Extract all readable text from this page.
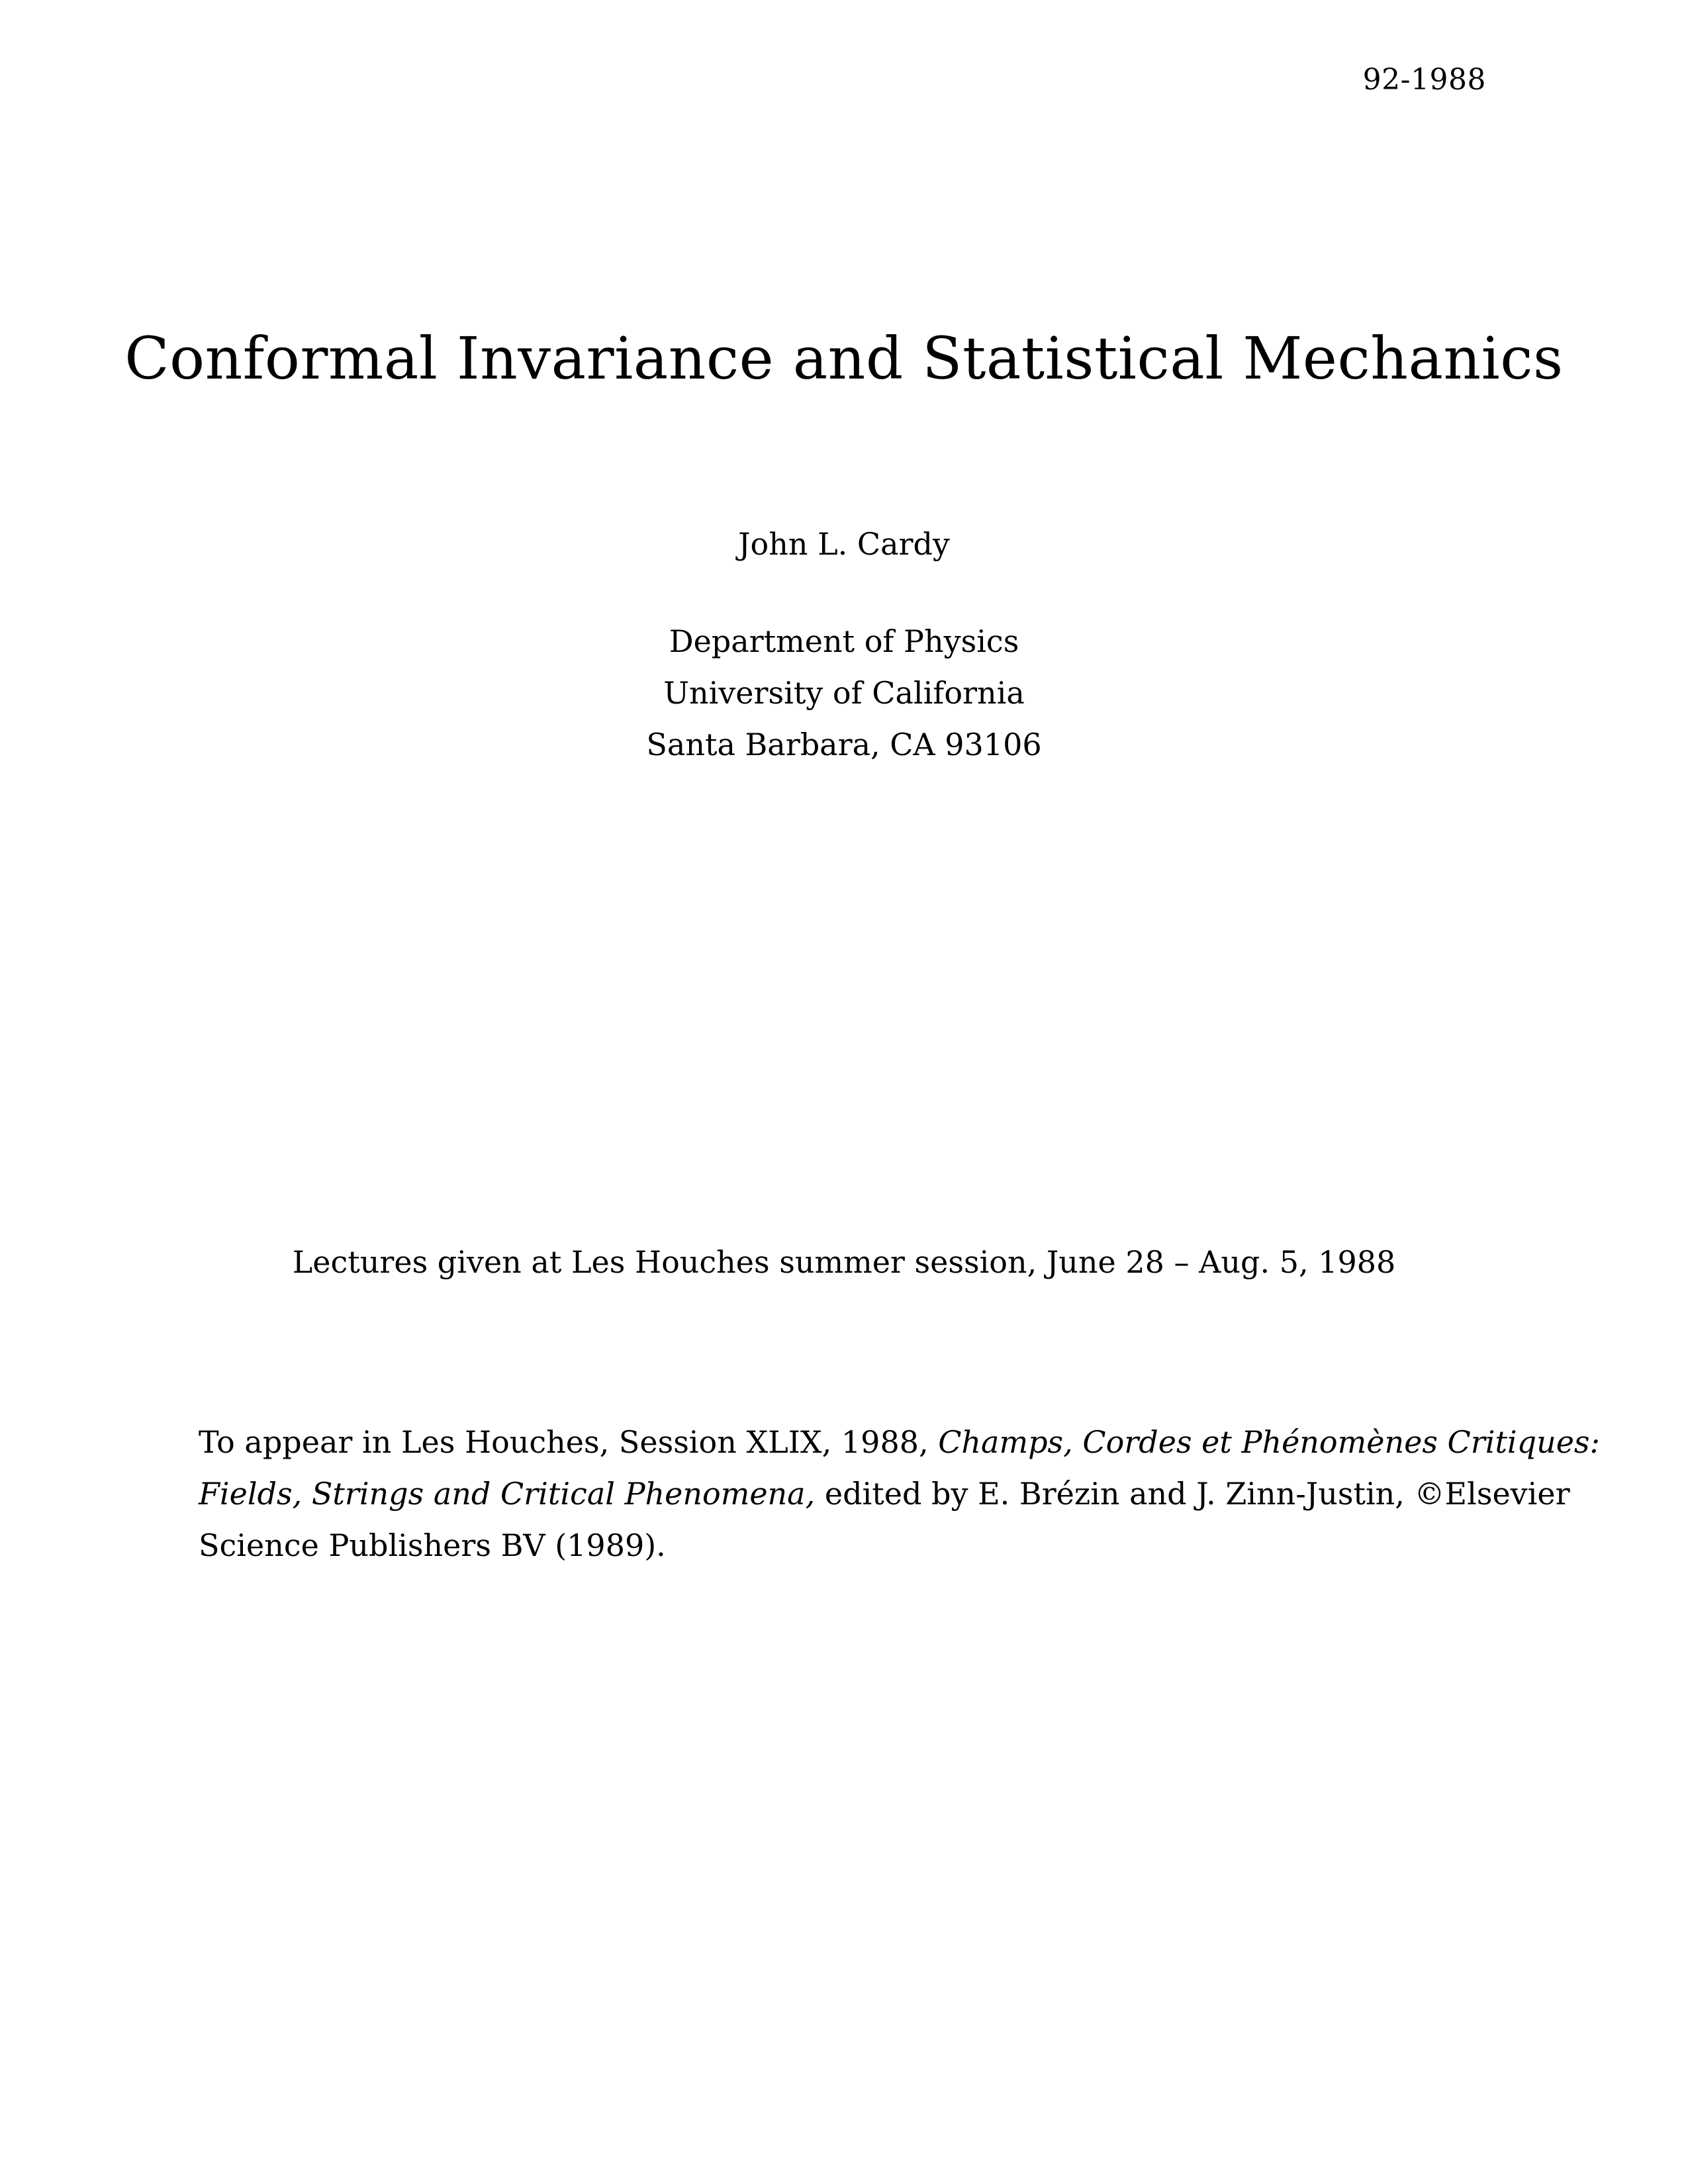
92-1988
Conformal Invariance and Statistical Mechanics
John L. Cardy
Department of Physics
University of California
Santa Barbara, CA 93106
Lectures given at Les Houches summer session, June 28 – Aug. 5, 1988
To appear in Les Houches, Session XLIX, 1988, Champs, Cordes et Phénomènes Critiques:
Fields, Strings and Critical Phenomena, edited by E. Brézin and J. Zinn-Justin, ©Elsevier
Science Publishers BV (1989).
